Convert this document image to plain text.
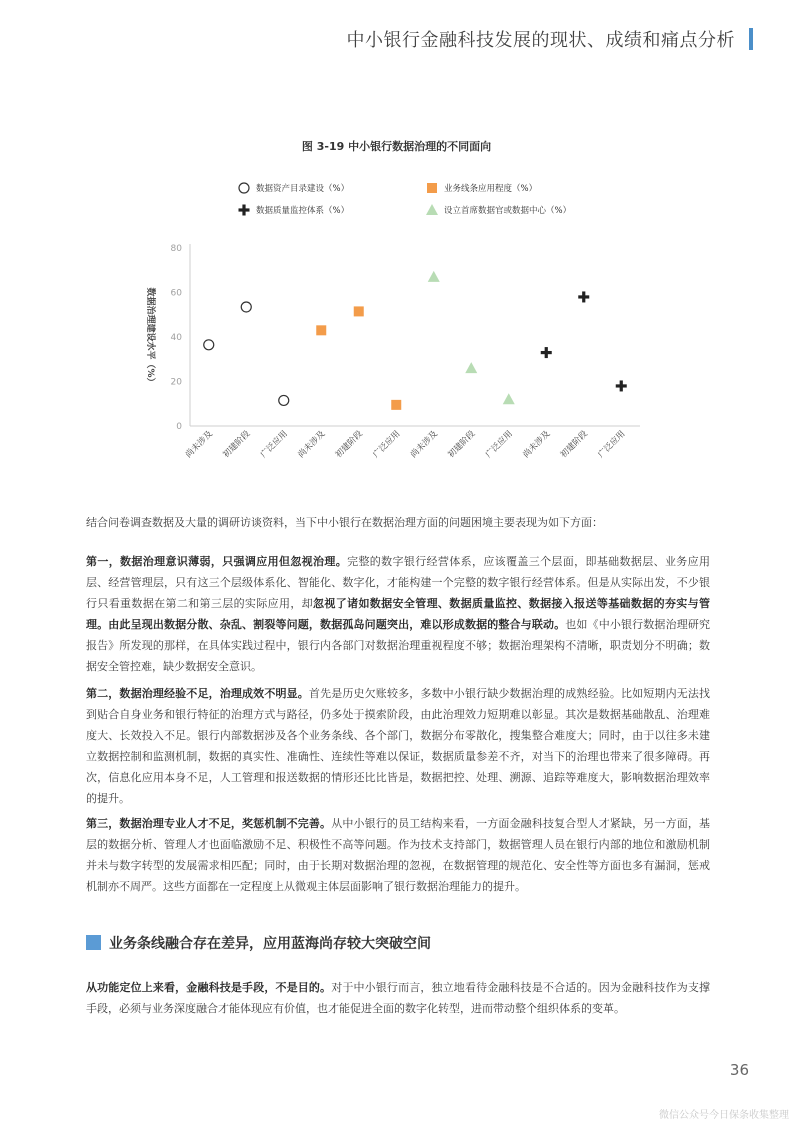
中小银行金融科技发展的现状、成绩和痛点分析
图 3-19 中小银行数据治理的不同面向
数据资产目录建设（%）	业务线条应用程度（%）
数据质量监控体系（%）	设立首席数据官或数据中心（%）
0
20
40
60
80
数据治理建设水平（%）
尚未涉及 初建阶段 广泛应用 尚未涉及 初建阶段 广泛应用 尚未涉及 初建阶段 广泛应用 尚未涉及 初建阶段 广泛应用
结合问卷调查数据及大量的调研访谈资料，当下中小银行在数据治理方面的问题困境主要表现为如下方面：
第一，数据治理意识薄弱，只强调应用但忽视治理。完整的数字银行经营体系，应该覆盖三个层面，即基础数据层、业务应用层、经营管理层，只有这三个层级体系化、智能化、数字化，才能构建一个完整的数字银行经营体系。但是从实际出发，不少银行只看重数据在第二和第三层的实际应用，却忽视了诸如数据安全管理、数据质量监控、数据接入报送等基础数据的夯实与管理。由此呈现出数据分散、杂乱、割裂等问题，数据孤岛问题突出，难以形成数据的整合与联动。也如《中小银行数据治理研究报告》所发现的那样，在具体实践过程中，银行内各部门对数据治理重视程度不够；数据治理架构不清晰，职责划分不明确；数据安全管控难，缺少数据安全意识。
第二，数据治理经验不足，治理成效不明显。首先是历史欠账较多，多数中小银行缺少数据治理的成熟经验。比如短期内无法找到贴合自身业务和银行特征的治理方式与路径，仍多处于摸索阶段，由此治理效力短期难以彰显。其次是数据基础散乱、治理难度大、长效投入不足。银行内部数据涉及各个业务条线、各个部门，数据分布零散化，搜集整合难度大；同时，由于以往多未建立数据控制和监测机制，数据的真实性、准确性、连续性等难以保证，数据质量参差不齐，对当下的治理也带来了很多障碍。再次，信息化应用本身不足，人工管理和报送数据的情形还比比皆是，数据把控、处理、溯源、追踪等难度大，影响数据治理效率的提升。
第三，数据治理专业人才不足，奖惩机制不完善。从中小银行的员工结构来看，一方面金融科技复合型人才紧缺，另一方面，基层的数据分析、管理人才也面临激励不足、积极性不高等问题。作为技术支持部门，数据管理人员在银行内部的地位和激励机制并未与数字转型的发展需求相匹配；同时，由于长期对数据治理的忽视，在数据管理的规范化、安全性等方面也多有漏洞，惩戒机制亦不周严。这些方面都在一定程度上从微观主体层面影响了银行数据治理能力的提升。
业务条线融合存在差异，应用蓝海尚存较大突破空间
从功能定位上来看，金融科技是手段，不是目的。对于中小银行而言，独立地看待金融科技是不合适的。因为金融科技作为支撑手段，必须与业务深度融合才能体现应有价值，也才能促进全面的数字化转型，进而带动整个组织体系的变革。
36
微信公众号今日保条收集整理
